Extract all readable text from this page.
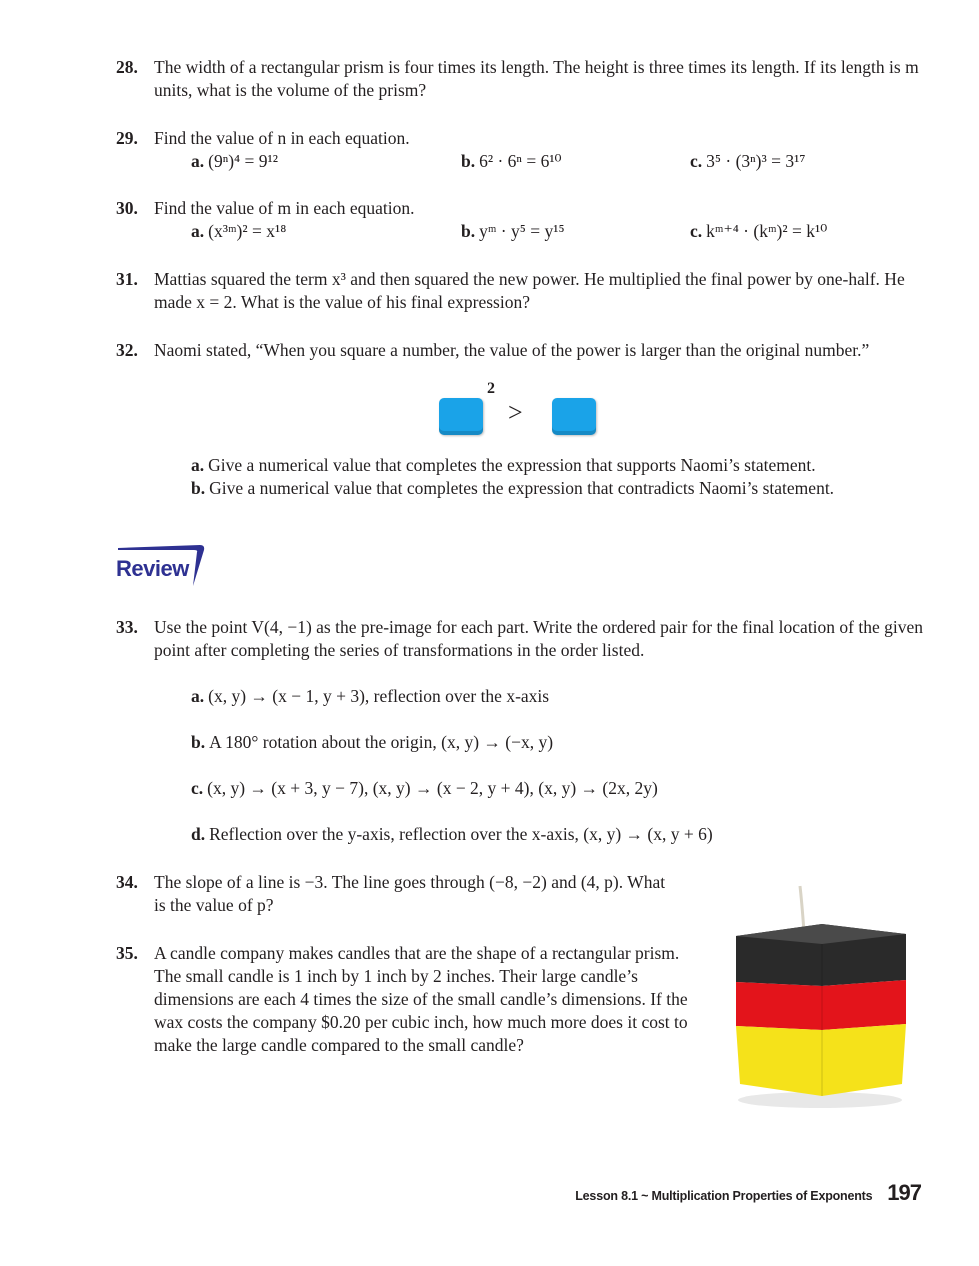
28. The width of a rectangular prism is four times its length. The height is three times its length. If its length is m units, what is the volume of the prism?
29. Find the value of n in each equation.
a. (9ⁿ)⁴ = 9¹²	b. 6² · 6ⁿ = 6¹⁰	c. 3⁵ · (3ⁿ)³ = 3¹⁷
30. Find the value of m in each equation.
a. (x³ᵐ)² = x¹⁸	b. yᵐ · y⁵ = y¹⁵	c. kᵐ⁺⁴ · (kᵐ)² = k¹⁰
31. Mattias squared the term x³ and then squared the new power. He multiplied the final power by one-half. He made x = 2. What is the value of his final expression?
32. Naomi stated, “When you square a number, the value of the power is larger than the original number.”
2
>
a. Give a numerical value that completes the expression that supports Naomi’s statement.
b. Give a numerical value that completes the expression that contradicts Naomi’s statement.
Review
33. Use the point V(4, −1) as the pre-image for each part. Write the ordered pair for the final location of the given point after completing the series of transformations in the order listed.
a. (x, y) → (x − 1, y + 3), reflection over the x-axis
b. A 180° rotation about the origin, (x, y) → (−x, y)
c. (x, y) → (x + 3, y − 7), (x, y) → (x − 2, y + 4), (x, y) → (2x, 2y)
d. Reflection over the y-axis, reflection over the x-axis, (x, y) → (x, y + 6)
34. The slope of a line is −3. The line goes through (−8, −2) and (4, p). What is the value of p?
35. A candle company makes candles that are the shape of a rectangular prism. The small candle is 1 inch by 1 inch by 2 inches. Their large candle’s dimensions are each 4 times the size of the small candle’s dimensions. If the wax costs the company $0.20 per cubic inch, how much more does it cost to make the large candle compared to the small candle?
Lesson 8.1 ~ Multiplication Properties of Exponents 197
